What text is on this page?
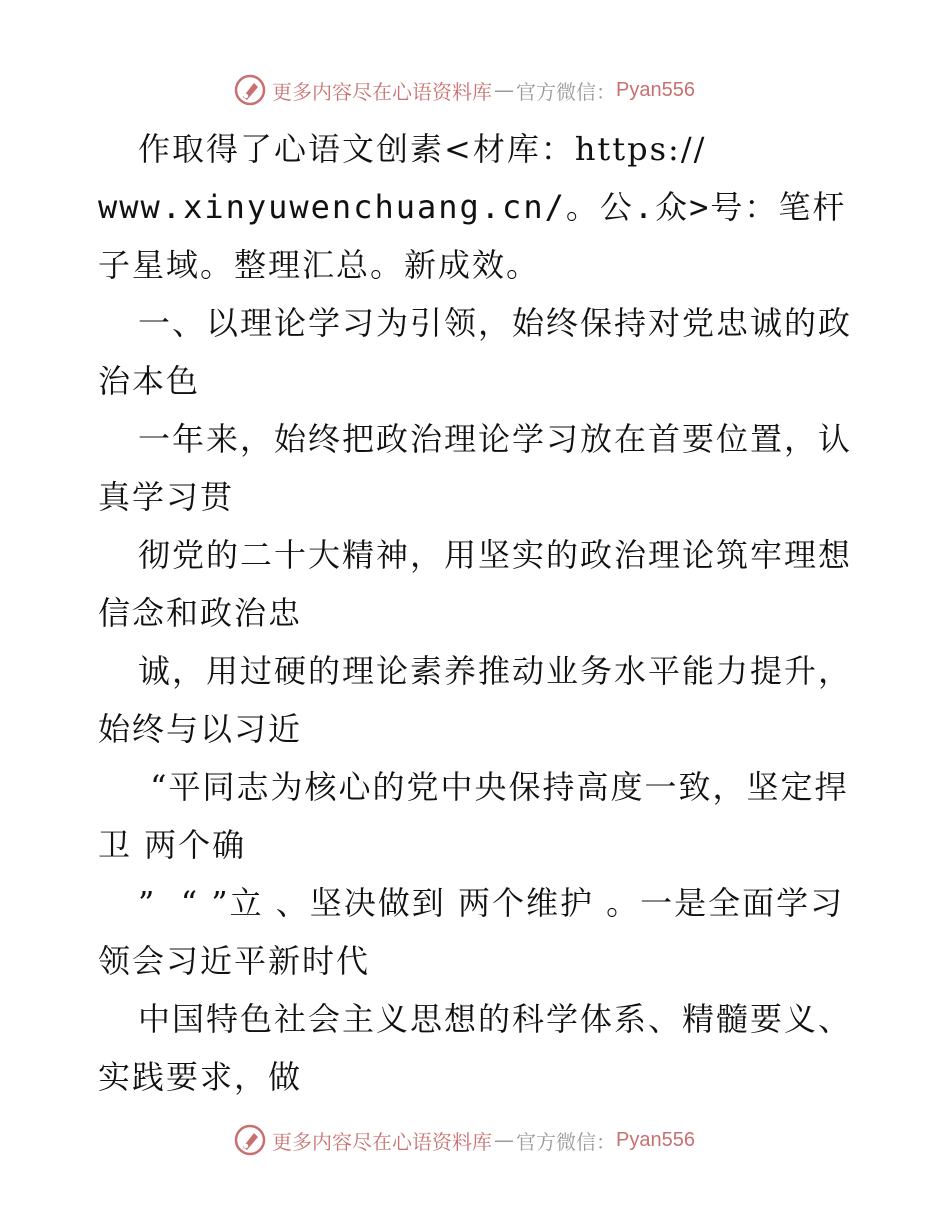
更多内容尽在心语资料库 — 官方微信： Pyan556

作取得了心语文创素<材库：https://

www.xinyuwenchuang.cn/。公.众>号：笔杆子星域。整理汇总。新成效。

一、以理论学习为引领，始终保持对党忠诚的政治本色

一年来，始终把政治理论学习放在首要位置，认真学习贯

彻党的二十大精神，用坚实的政治理论筑牢理想信念和政治忠

诚，用过硬的理论素养推动业务水平能力提升，始终与以习近

“平同志为核心的党中央保持高度一致，坚定捍卫 两个确

”  “ ”立 、坚决做到 两个维护 。一是全面学习领会习近平新时代

中国特色社会主义思想的科学体系、精髓要义、实践要求，做

更多内容尽在心语资料库 — 官方微信： Pyan556
